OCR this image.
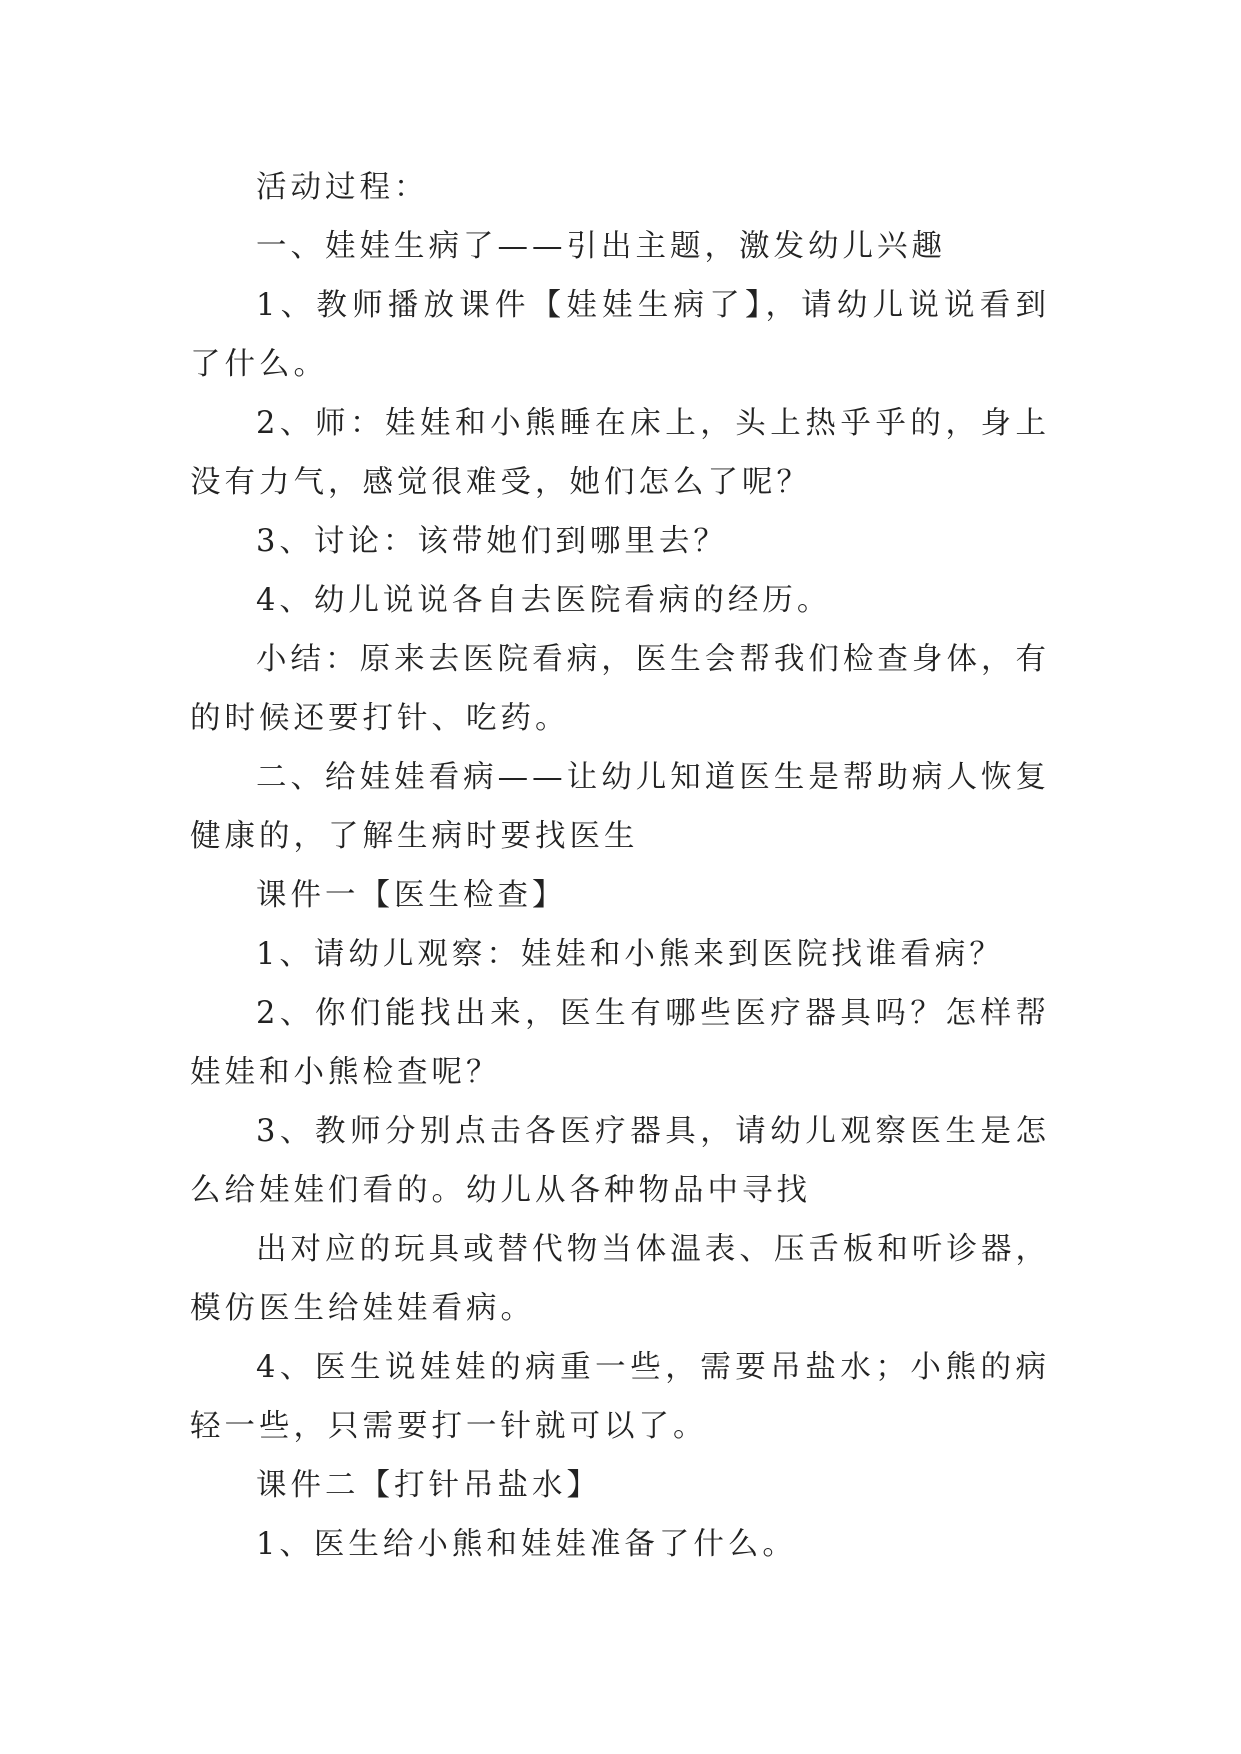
活动过程：

一、娃娃生病了——引出主题，激发幼儿兴趣

1、教师播放课件【娃娃生病了】，请幼儿说说看到了什么。

2、师：娃娃和小熊睡在床上，头上热乎乎的，身上没有力气，感觉很难受，她们怎么了呢？

3、讨论：该带她们到哪里去？

4、幼儿说说各自去医院看病的经历。

小结：原来去医院看病，医生会帮我们检查身体，有的时候还要打针、吃药。

二、给娃娃看病——让幼儿知道医生是帮助病人恢复健康的，了解生病时要找医生

课件一【医生检查】

1、请幼儿观察：娃娃和小熊来到医院找谁看病？

2、你们能找出来，医生有哪些医疗器具吗？怎样帮娃娃和小熊检查呢？

3、教师分别点击各医疗器具，请幼儿观察医生是怎么给娃娃们看的。幼儿从各种物品中寻找

出对应的玩具或替代物当体温表、压舌板和听诊器，模仿医生给娃娃看病。

4、医生说娃娃的病重一些，需要吊盐水；小熊的病轻一些，只需要打一针就可以了。

课件二【打针吊盐水】

1、医生给小熊和娃娃准备了什么。
